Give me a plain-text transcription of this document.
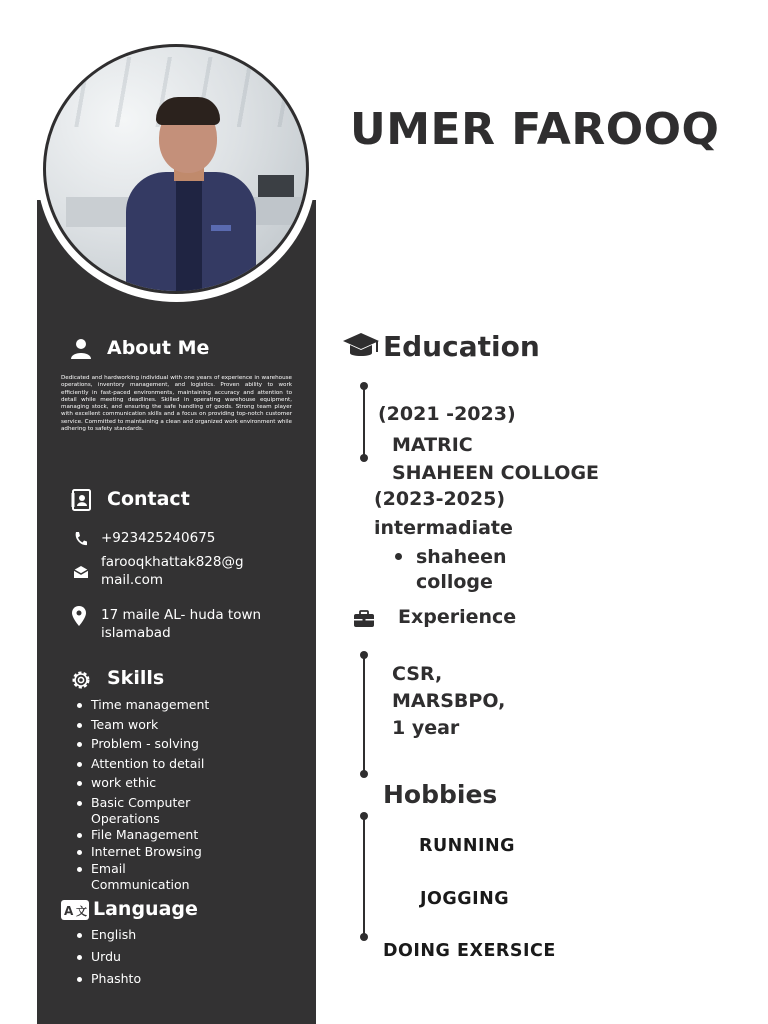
About Me
Dedicated and hardworking individual with one years of experience in warehouse operations, inventory management, and logistics. Proven ability to work efficiently in fast-paced environments, maintaining accuracy and attention to detail while meeting deadlines. Skilled in operating warehouse equipment, managing stock, and ensuring the safe handling of goods. Strong team player with excellent communication skills and a focus on providing top-notch customer service. Committed to maintaining a clean and organized work environment while adhering to safety standards.
Contact
+923425240675
farooqkhattak828@g
mail.com
17 maile AL- huda town
islamabad
Skills
Time management
Team work
Problem - solving
Attention to detail
work ethic
Basic Computer Operations
File Management
Internet Browsing
Email Communication
A 文 Language
English
Urdu
Phashto
UMER FAROOQ
Education
(2021 -2023)
MATRIC
SHAHEEN COLLOGE
(2023-2025)
intermadiate
shaheen
colloge
Experience
CSR,
MARSBPO,
1 year
Hobbies
RUNNING
JOGGING
DOING EXERSICE
